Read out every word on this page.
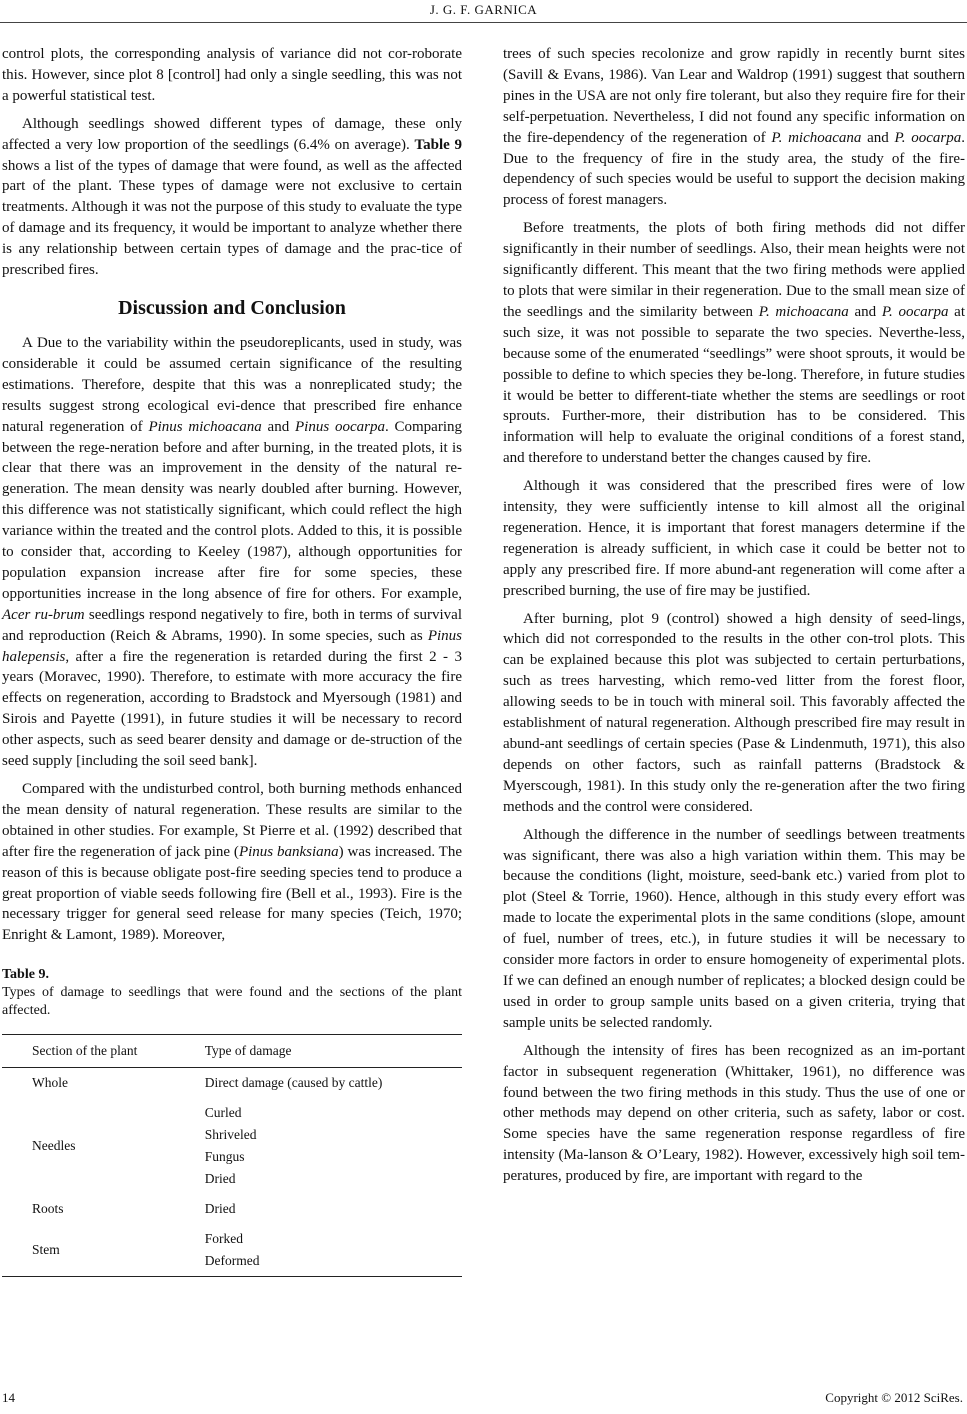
J. G. F. GARNICA

control plots, the corresponding analysis of variance did not cor-roborate this. However, since plot 8 [control] had only a single seedling, this was not a powerful statistical test.

Although seedlings showed different types of damage, these only affected a very low proportion of the seedlings (6.4% on average). Table 9 shows a list of the types of damage that were found, as well as the affected part of the plant. These types of damage were not exclusive to certain treatments. Although it was not the purpose of this study to evaluate the type of damage and its frequency, it would be important to analyze whether there is any relationship between certain types of damage and the prac-tice of prescribed fires.

Discussion and Conclusion

A Due to the variability within the pseudoreplicants, used in study, was considerable it could be assumed certain significance of the resulting estimations. Therefore, despite that this was a nonreplicated study; the results suggest strong ecological evi-dence that prescribed fire enhance natural regeneration of Pinus michoacana and Pinus oocarpa. Comparing between the rege-neration before and after burning, in the treated plots, it is clear that there was an improvement in the density of the natural re-generation. The mean density was nearly doubled after burning. However, this difference was not statistically significant, which could reflect the high variance within the treated and the control plots. Added to this, it is possible to consider that, according to Keeley (1987), although opportunities for population expansion increase after fire for some species, these opportunities increase in the long absence of fire for others. For example, Acer ru-brum seedlings respond negatively to fire, both in terms of survival and reproduction (Reich & Abrams, 1990). In some species, such as Pinus halepensis, after a fire the regeneration is retarded during the first 2 - 3 years (Moravec, 1990). Therefore, to estimate with more accuracy the fire effects on regeneration, according to Bradstock and Myersough (1981) and Sirois and Payette (1991), in future studies it will be necessary to record other aspects, such as seed bearer density and damage or de-struction of the seed supply [including the soil seed bank].

Compared with the undisturbed control, both burning methods enhanced the mean density of natural regeneration. These results are similar to the obtained in other studies. For example, St Pierre et al. (1992) described that after fire the regeneration of jack pine (Pinus banksiana) was increased. The reason of this is because obligate post-fire seeding species tend to produce a great proportion of viable seeds following fire (Bell et al., 1993). Fire is the necessary trigger for general seed release for many species (Teich, 1970; Enright & Lamont, 1989). Moreover,

Table 9.
Types of damage to seedlings that were found and the sections of the plant affected.
Section of the plant	Type of damage
Whole	Direct damage (caused by cattle)

Needles	Curled
Shriveled
Fungus
Dried

Roots	Dried

Stem	Forked
Deformed

trees of such species recolonize and grow rapidly in recently burnt sites (Savill & Evans, 1986). Van Lear and Waldrop (1991) suggest that southern pines in the USA are not only fire tolerant, but also they require fire for their self-perpetuation. Nevertheless, I did not found any specific information on the fire-dependency of the regeneration of P. michoacana and P. oocarpa. Due to the frequency of fire in the study area, the study of the fire-dependency of such species would be useful to support the decision making process of forest managers.

Before treatments, the plots of both firing methods did not differ significantly in their number of seedlings. Also, their mean heights were not significantly different. This meant that the two firing methods were applied to plots that were similar in their regeneration. Due to the small mean size of the seedlings and the similarity between P. michoacana and P. oocarpa at such size, it was not possible to separate the two species. Neverthe-less, because some of the enumerated “seedlings” were shoot sprouts, it would be possible to define to which species they be-long. Therefore, in future studies it would be better to different-tiate whether the stems are seedlings or root sprouts. Further-more, their distribution has to be considered. This information will help to evaluate the original conditions of a forest stand, and therefore to understand better the changes caused by fire.

Although it was considered that the prescribed fires were of low intensity, they were sufficiently intense to kill almost all the original regeneration. Hence, it is important that forest managers determine if the regeneration is already sufficient, in which case it could be better not to apply any prescribed fire. If more abund-ant regeneration will come after a prescribed burning, the use of fire may be justified.

After burning, plot 9 (control) showed a high density of seed-lings, which did not corresponded to the results in the other con-trol plots. This can be explained because this plot was subjected to certain perturbations, such as trees harvesting, which remo-ved litter from the forest floor, allowing seeds to be in touch with mineral soil. This favorably affected the establishment of natural regeneration. Although prescribed fire may result in abund-ant seedlings of certain species (Pase & Lindenmuth, 1971), this also depends on other factors, such as rainfall patterns (Bradstock & Myerscough, 1981). In this study only the re-generation after the two firing methods and the control were considered.

Although the difference in the number of seedlings between treatments was significant, there was also a high variation within them. This may be because the conditions (light, moisture, seed-bank etc.) varied from plot to plot (Steel & Torrie, 1960). Hence, although in this study every effort was made to locate the experimental plots in the same conditions (slope, amount of fuel, number of trees, etc.), in future studies it will be necessary to consider more factors in order to ensure homogeneity of experimental plots. If we can defined an enough number of replicates; a blocked design could be used in order to group sample units based on a given criteria, trying that sample units be selected randomly.

Although the intensity of fires has been recognized as an im-portant factor in subsequent regeneration (Whittaker, 1961), no difference was found between the two firing methods in this study. Thus the use of one or other methods may depend on other criteria, such as safety, labor or cost. Some species have the same regeneration response regardless of fire intensity (Ma-lanson & O’Leary, 1982). However, excessively high soil tem-peratures, produced by fire, are important with regard to the

14	Copyright © 2012 SciRes.
